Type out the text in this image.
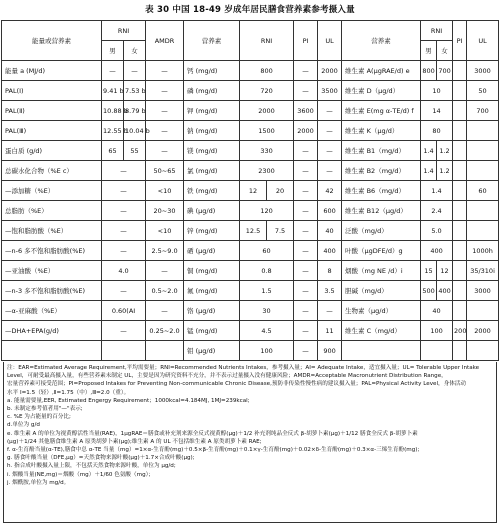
表 30 中国 18-49 岁成年居民膳食营养素参考摄入量
能量或营养素	RNI		AMDR	营养素	RNI		PI	UL	营养素	RNI		PI	UL
	男	女								男	女		
能量 a (MJ/d)	—	—	—	钙 (mg/d)	800		—	2000	维生素 A(μgRAE/d) e	800	700		3000
PAL(Ⅰ)	9.41 b	7.53 b	—	磷 (mg/d)	720		—	3500	维生素 D（μg/d）	10			50
PAL(Ⅱ)	10.88 b	8.79 b	—	钾 (mg/d)	2000		3600	—	维生素 E(mg α-TE/d) f	14			700
PAL(Ⅲ)	12.55 b	10.04 b	—	钠 (mg/d)	1500		2000	—	维生素 K（μg/d）	80			
蛋白质 (g/d)	65	55	—	镁 (mg/d)	330		—	—	维生素 B1（mg/d）	1.4	1.2		
总碳水化合物（%E c）	—		50~65	氯 (mg/d)	2300		—	—	维生素 B2（mg/d）	1.4	1.2		
—添加糖（%E）	—		<10	铁 (mg/d)	12	20	—	42	维生素 B6（mg/d）	1.4			60
总脂肪（%E）	—		20~30	碘 (μg/d)	120		—	600	维生素 B12（μg/d）	2.4			
—饱和脂肪酸（%E）	—		<10	锌 (mg/d)	12.5	7.5	—	40	泛酸（mg/d）	5.0			
—n-6 多不饱和脂肪酸(%E)	—		2.5~9.0	硒 (μg/d)	60		—	400	叶酸（μgDFE/d）g	400			1000h
—亚油酸（%E）	4.0		—	铜 (mg/d)	0.8		—	8	烟酸（mg NE /d）i	15	12		35/310i
—n-3 多不饱和脂肪酸(%E)	—		0.5~2.0	氟 (mg/d)	1.5		—	3.5	胆碱（mg/d）	500	400		3000
—α-亚麻酸（%E）	0.60(AI		—	铬 (μg/d)	30		—	—	生物素（μg/d）	40			
—DHA+EPA(g/d)	—		0.25~2.0	锰 (mg/d)	4.5		—	11	维生素 C（mg/d）	100		200	2000
				钼 (μg/d)	100		—	900					
注：EAR=Estimated Average Requirement,平均需要量；RNI=Recommended Nutrients Intakes，参考摄入量；AI= Adequate Intake，适宜摄入量；UL= Tolerable Upper Intake
Level，可耐受最高摄入量，有些营养素未制定 UL，主要是因为研究资料不充分，并不表示过量摄入没有健康风险；AMDR=Acceptable Macronutrient Distribution Range，
宏量营养素可接受范围；PI=Proposed Intakes for Preventing Non-communicable Chronic Disease,预防非传染性慢性病的建议摄入量；PAL=Physical Activity Level，身体活动
水平 Ⅰ=1.5（轻）,Ⅱ=1.75（中）,Ⅲ=2.0（重）。
a. 能量需要量,EER, Estimated Engergy Requirement；1000kcal=4.184MJ, 1MJ=239kcal;
b. 未制定参考值者用"—"表示;
c. %E 为占能量的百分比;
d.单位为 g/d
e. 维生素 A 的单位为视黄醇活性当量(RAE)，1μgRAE＝膳食或补充剂来源全反式视黄醇(μg)＋1/2 补充剂纯品全反式 β-胡萝卜素(μg)＋1/12 膳食全反式 β-胡萝卜素
(μg)＋1/24 其他膳食维生素 A 原类胡萝卜素(μg);维生素 A 的 UL 不包括维生素 A 原类胡萝卜素 RAE;
f. α-生育酚当量(α-TE),膳食中总 α-TE 当量（mg）=1×α-生育酚(mg)＋0.5×β-生育酚(mg)＋0.1×γ-生育酚(mg)＋0.02×δ-生育酚(mg)＋0.3×α-三烯生育酚(mg);
g. 膳食叶酸当量（DFE,μg）=天然食物来源叶酸(μg)＋1.7×合成叶酸(μg);
h. 指合成叶酸摄入量上限，不包括天然食物来源叶酸，单位为 μg/d;
i. 烟酸当量(NE,mg)＝烟酸（mg）＋1/60 色氨酸（mg）；
j. 烟酰胺,单位为 mg/d。
